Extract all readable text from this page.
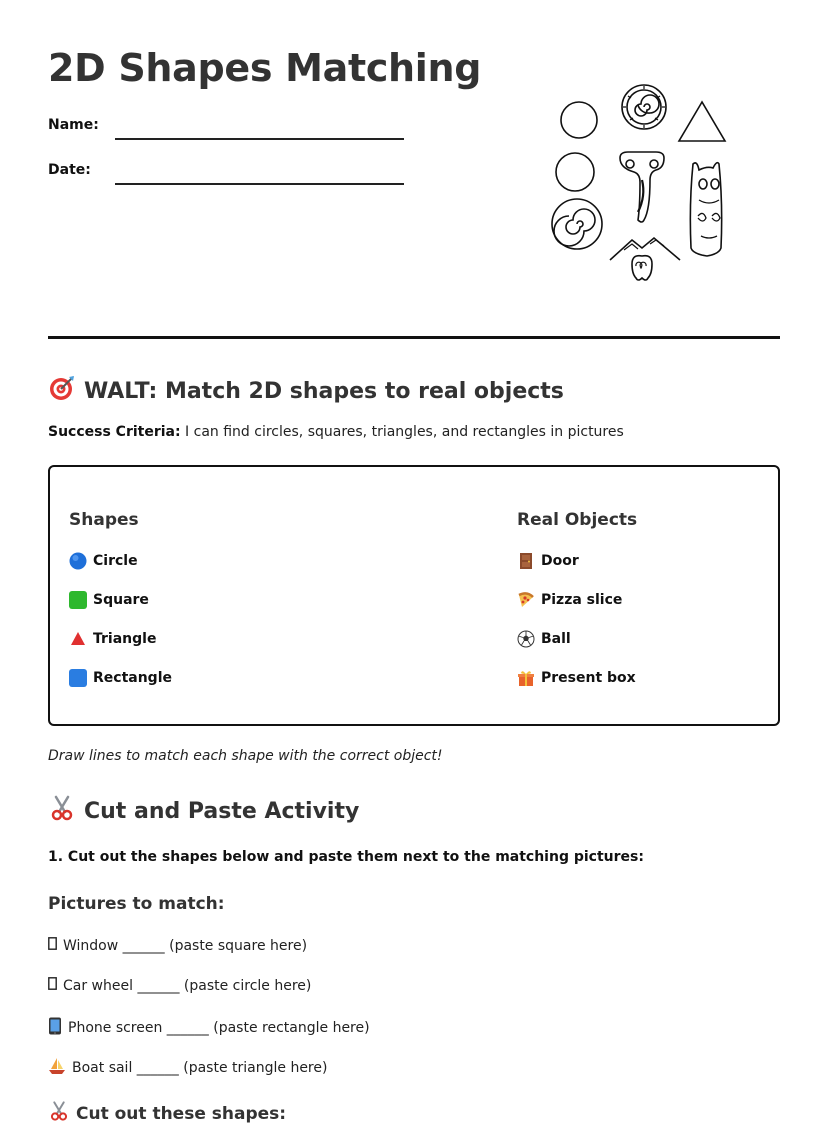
2D Shapes Matching
Name:
Date:
WALT: Match 2D shapes to real objects
Success Criteria: I can find circles, squares, triangles, and rectangles in pictures
Shapes	Real Objects
Circle
Square
Triangle
Rectangle
Door
Pizza slice
Ball
Present box
Draw lines to match each shape with the correct object!
Cut and Paste Activity
1. Cut out the shapes below and paste them next to the matching pictures:
Pictures to match:
Window ______ (paste square here)
Car wheel ______ (paste circle here)
Phone screen ______ (paste rectangle here)
Boat sail ______ (paste triangle here)
Cut out these shapes:
